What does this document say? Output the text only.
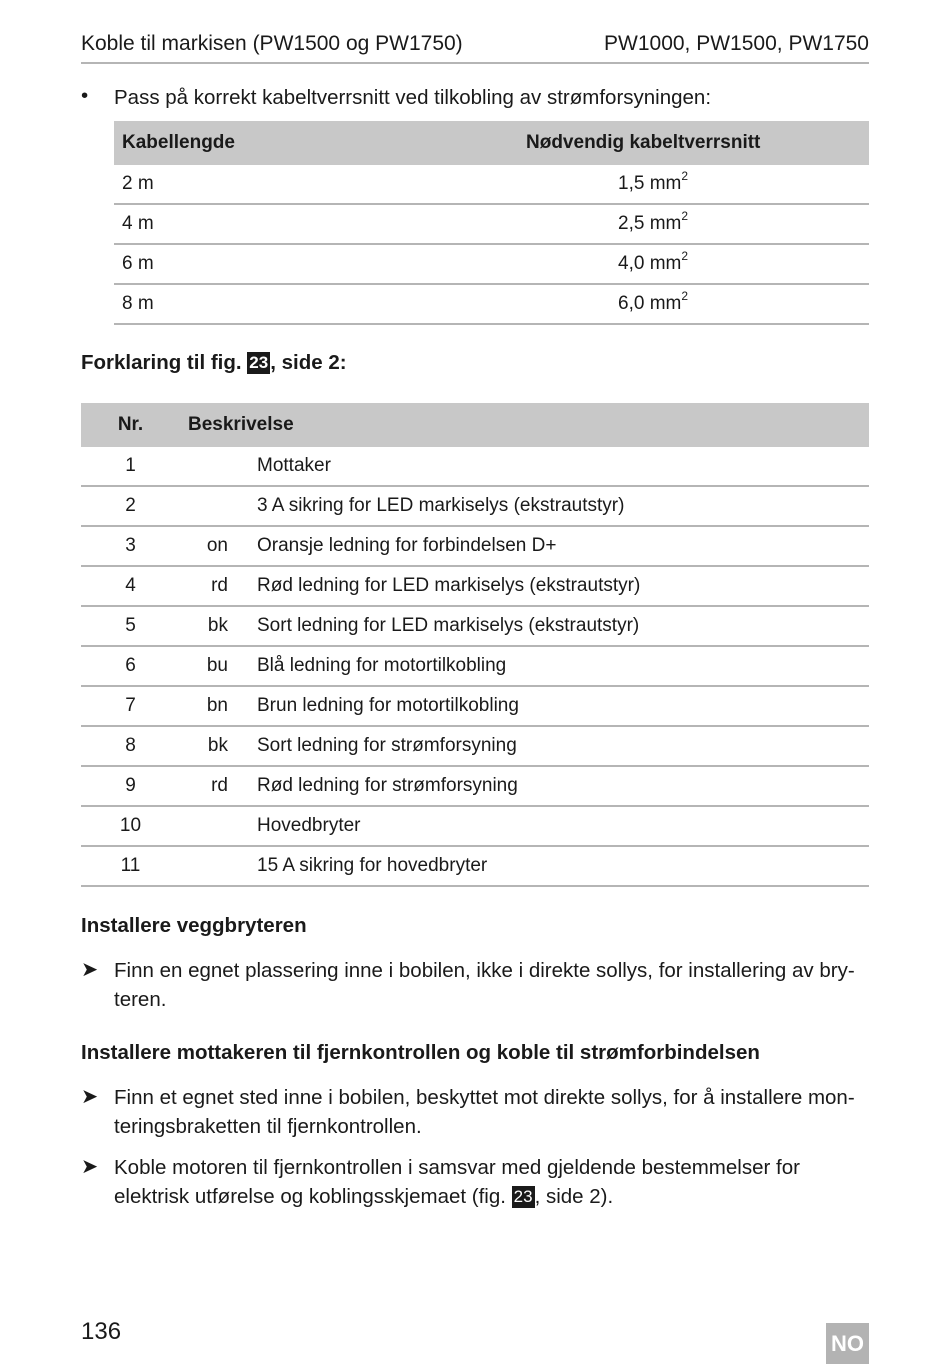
Koble til markisen (PW1500 og PW1750)	PW1000, PW1500, PW1750
•	Pass på korrekt kabeltverrsnitt ved tilkobling av strømforsyningen:
Kabellengde	Nødvendig kabeltverrsnitt
2 m	1,5 $mm^2$
4 m	2,5 $mm^2$
6 m	4,0 $mm^2$
8 m	6,0 $mm^2$
Forklaring til fig. 23, side 2:
Nr.	Beskrivelse	
1		Mottaker
2		3 A sikring for LED markiselys (ekstrautstyr)
3	on	Oransje ledning for forbindelsen D+
4	rd	Rød ledning for LED markiselys (ekstrautstyr)
5	bk	Sort ledning for LED markiselys (ekstrautstyr)
6	bu	Blå ledning for motortilkobling
7	bn	Brun ledning for motortilkobling
8	bk	Sort ledning for strømforsyning
9	rd	Rød ledning for strømforsyning
10		Hovedbryter
11		15 A sikring for hovedbryter
Installere veggbryteren
➤ Finn en egnet plassering inne i bobilen, ikke i direkte sollys, for installering av bry-teren.
Installere mottakeren til fjernkontrollen og koble til strømforbindelsen
➤ Finn et egnet sted inne i bobilen, beskyttet mot direkte sollys, for å installere mon-teringsbraketten til fjernkontrollen.
➤ Koble motoren til fjernkontrollen i samsvar med gjeldende bestemmelser for elektrisk utførelse og koblingsskjemaet (fig. 23, side 2).
136	NO
